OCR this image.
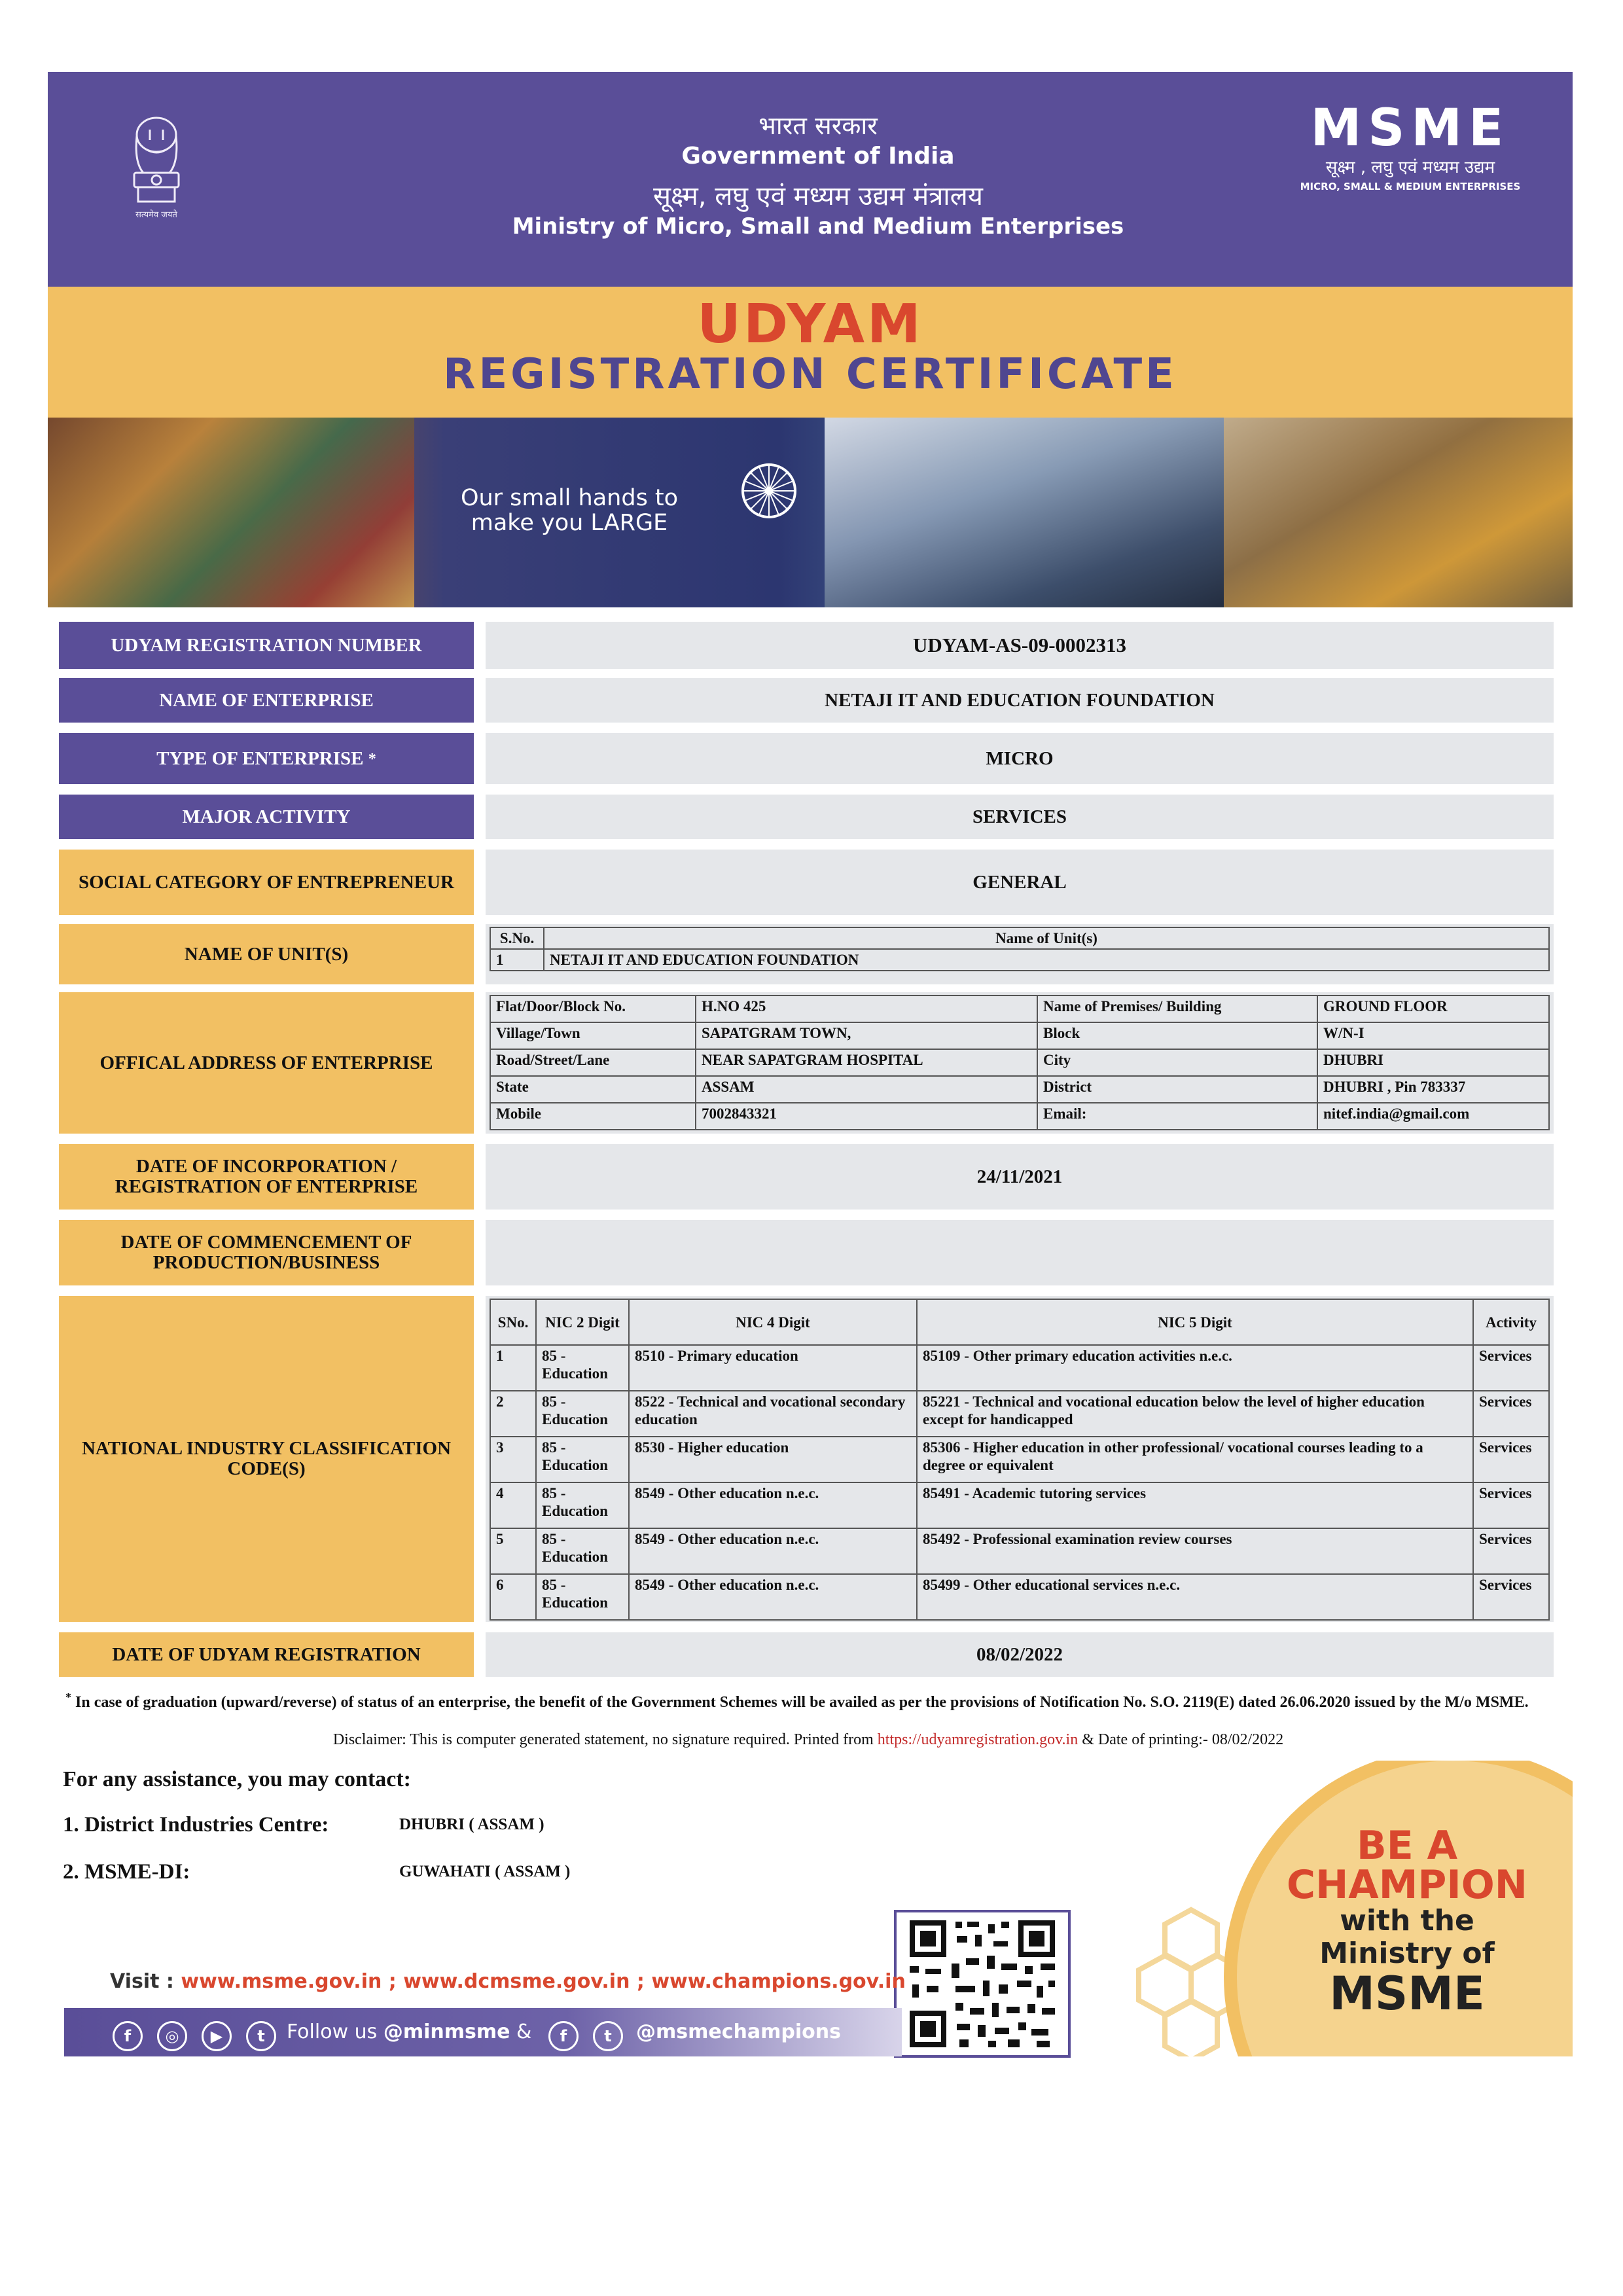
सत्यमेव जयते
भारत सरकार
Government of India
सूक्ष्म, लघु एवं मध्यम उद्यम मंत्रालय
Ministry of Micro, Small and Medium Enterprises
MSME
सूक्ष्म , लघु एवं मध्यम उद्यम
MICRO, SMALL & MEDIUM ENTERPRISES
UDYAM
REGISTRATION CERTIFICATE
Our small hands to
make you LARGE
UDYAM REGISTRATION NUMBER	UDYAM-AS-09-0002313
NAME OF ENTERPRISE	NETAJI IT AND EDUCATION FOUNDATION
TYPE OF ENTERPRISE
*	MICRO
MAJOR ACTIVITY	SERVICES
SOCIAL CATEGORY OF ENTREPRENEUR	GENERAL
NAME OF UNIT(S)
S.No.	Name of Unit(s)
1	NETAJI IT AND EDUCATION FOUNDATION
OFFICAL ADDRESS OF ENTERPRISE
Flat/Door/Block No.	H.NO 425	Name of Premises/ Building	GROUND FLOOR
Village/Town	SAPATGRAM TOWN,	Block	W/N-I
Road/Street/Lane	NEAR SAPATGRAM HOSPITAL	City	DHUBRI
State	ASSAM	District	DHUBRI , Pin 783337
Mobile	7002843321	Email:	nitef.india@gmail.com
DATE OF INCORPORATION / REGISTRATION OF ENTERPRISE	24/11/2021
DATE OF COMMENCEMENT OF PRODUCTION/BUSINESS
NATIONAL INDUSTRY CLASSIFICATION CODE(S)
SNo.	NIC 2 Digit	NIC 4 Digit	NIC 5 Digit	Activity
1	85 - Education	8510 - Primary education	85109 - Other primary education activities n.e.c.	Services
2	85 - Education	8522 - Technical and vocational secondary education	85221 - Technical and vocational education below the level of higher education except for handicapped	Services
3	85 - Education	8530 - Higher education	85306 - Higher education in other professional/ vocational courses leading to a degree or equivalent	Services
4	85 - Education	8549 - Other education n.e.c.	85491 - Academic tutoring services	Services
5	85 - Education	8549 - Other education n.e.c.	85492 - Professional examination review courses	Services
6	85 - Education	8549 - Other education n.e.c.	85499 - Other educational services n.e.c.	Services
DATE OF UDYAM REGISTRATION	08/02/2022
* In case of graduation (upward/reverse) of status of an enterprise, the benefit of the Government Schemes will be availed as per the provisions of Notification No. S.O. 2119(E) dated 26.06.2020 issued by the M/o MSME.
Disclaimer: This is computer generated statement, no signature required. Printed from https://udyamregistration.gov.in & Date of printing:- 08/02/2022
For any assistance, you may contact:
1. District Industries Centre:	DHUBRI ( ASSAM )
2. MSME-DI:	GUWAHATI ( ASSAM )
BE A
CHAMPION
with the
Ministry of
MSME
Visit : www.msme.gov.in ; www.dcmsme.gov.in ; www.champions.gov.in
f	◎	▶	t	Follow us @minmsme &	f	t	@msmechampions
